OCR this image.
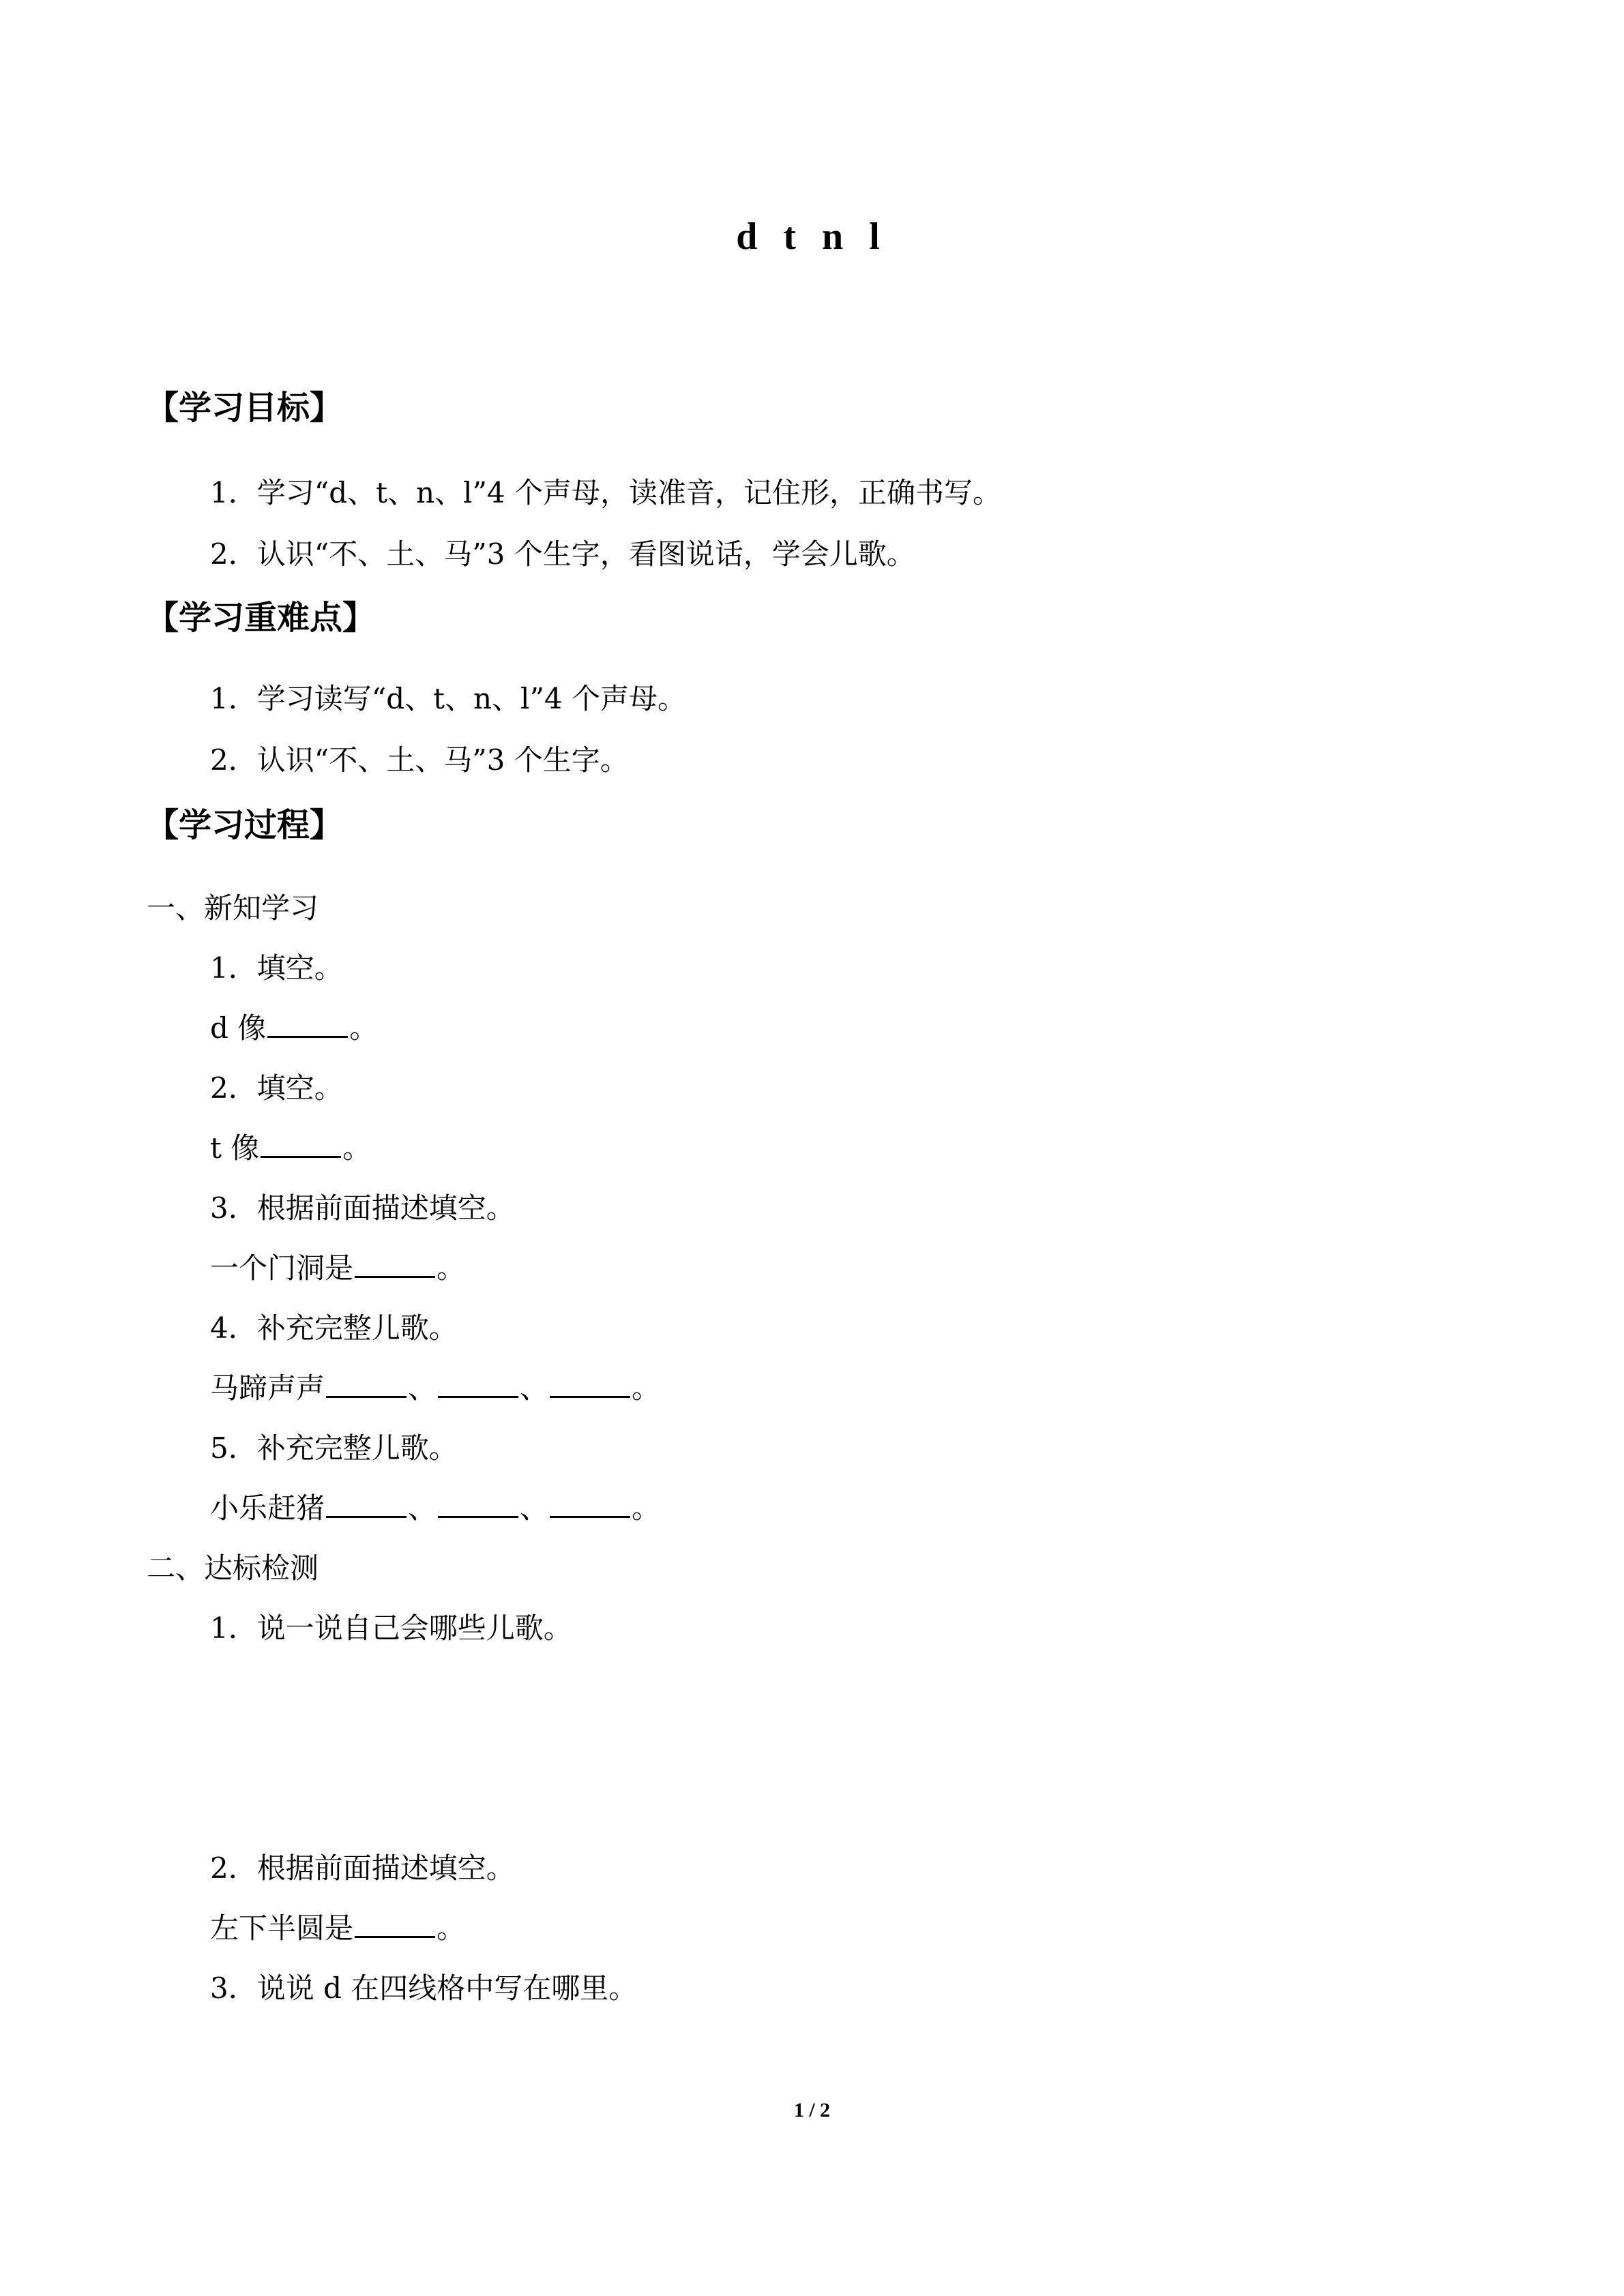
d t n l
【学习目标】
1．学习“d、t、n、l”4 个声母，读准音，记住形，正确书写。
2．认识“不、土、马”3 个生字，看图说话，学会儿歌。
【学习重难点】
1．学习读写“d、t、n、l”4 个声母。
2．认识“不、土、马”3 个生字。
【学习过程】
一、新知学习
1．填空。
d 像	。
2．填空。
t 像	。
3．根据前面描述填空。
一个门洞是	。
4．补充完整儿歌。
马蹄声声	、	、	。
5．补充完整儿歌。
小乐赶猪	、	、	。
二、达标检测
1．说一说自己会哪些儿歌。
2．根据前面描述填空。
左下半圆是	。
3．说说 d 在四线格中写在哪里。
1 / 2
